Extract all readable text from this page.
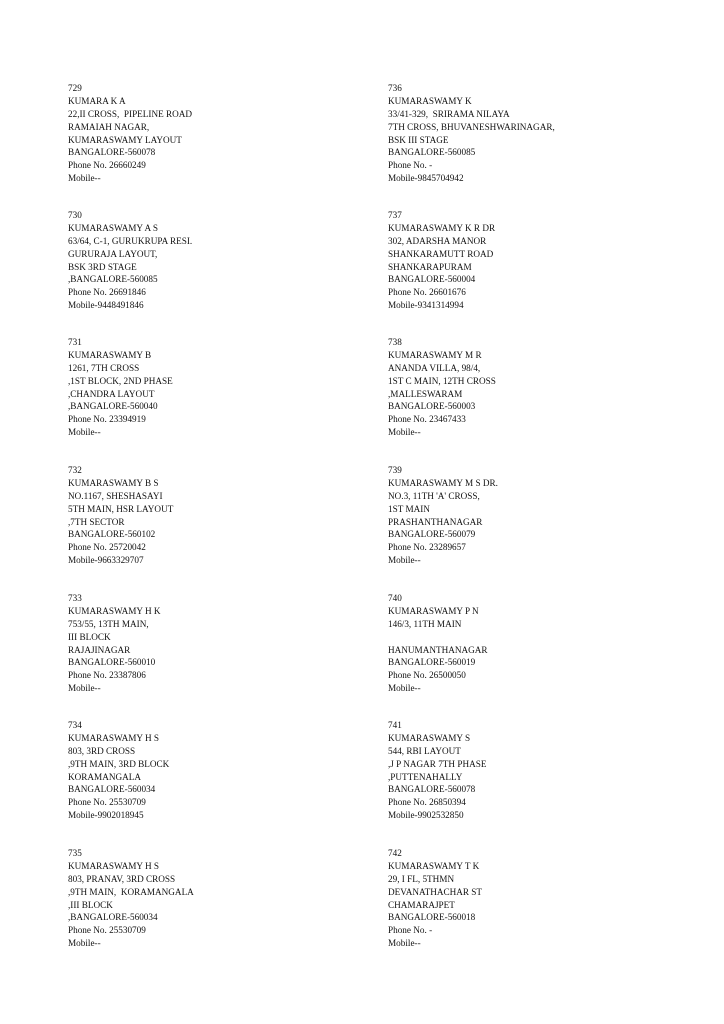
729
KUMARA K A
22,II CROSS,  PIPELINE ROAD
RAMAIAH NAGAR,
KUMARASWAMY LAYOUT
BANGALORE-560078
Phone No. 26660249
Mobile--
730
KUMARASWAMY A S
63/64, C-1, GURUKRUPA RESI.
GURURAJA LAYOUT,
BSK 3RD STAGE
,BANGALORE-560085
Phone No. 26691846
Mobile-9448491846
731
KUMARASWAMY B
1261, 7TH CROSS
,1ST BLOCK, 2ND PHASE
,CHANDRA LAYOUT
,BANGALORE-560040
Phone No. 23394919
Mobile--
732
KUMARASWAMY B S
NO.1167, SHESHASAYI
5TH MAIN, HSR LAYOUT
,7TH SECTOR
BANGALORE-560102
Phone No. 25720042
Mobile-9663329707
733
KUMARASWAMY H K
753/55, 13TH MAIN,
III BLOCK
RAJAJINAGAR
BANGALORE-560010
Phone No. 23387806
Mobile--
734
KUMARASWAMY H S
803, 3RD CROSS
,9TH MAIN, 3RD BLOCK
KORAMANGALA
BANGALORE-560034
Phone No. 25530709
Mobile-9902018945
735
KUMARASWAMY H S
803, PRANAV, 3RD CROSS
,9TH MAIN,  KORAMANGALA
,III BLOCK
,BANGALORE-560034
Phone No. 25530709
Mobile--
736
KUMARASWAMY K
33/41-329,  SRIRAMA NILAYA
7TH CROSS, BHUVANESHWARINAGAR,
BSK III STAGE
BANGALORE-560085
Phone No. -
Mobile-9845704942
737
KUMARASWAMY K R DR
302, ADARSHA MANOR
SHANKARAMUTT ROAD
SHANKARAPURAM
BANGALORE-560004
Phone No. 26601676
Mobile-9341314994
738
KUMARASWAMY M R
ANANDA VILLA, 98/4,
1ST C MAIN, 12TH CROSS
,MALLESWARAM
BANGALORE-560003
Phone No. 23467433
Mobile--
739
KUMARASWAMY M S DR.
NO.3, 11TH 'A' CROSS,
1ST MAIN
PRASHANTHANAGAR
BANGALORE-560079
Phone No. 23289657
Mobile--
740
KUMARASWAMY P N
146/3, 11TH MAIN
HANUMANTHANAGAR
BANGALORE-560019
Phone No. 26500050
Mobile--
741
KUMARASWAMY S
544, RBI LAYOUT
,J P NAGAR 7TH PHASE
,PUTTENAHALLY
BANGALORE-560078
Phone No. 26850394
Mobile-9902532850
742
KUMARASWAMY T K
29, I FL, 5THMN
DEVANATHACHAR ST
CHAMARAJPET
BANGALORE-560018
Phone No. -
Mobile--
